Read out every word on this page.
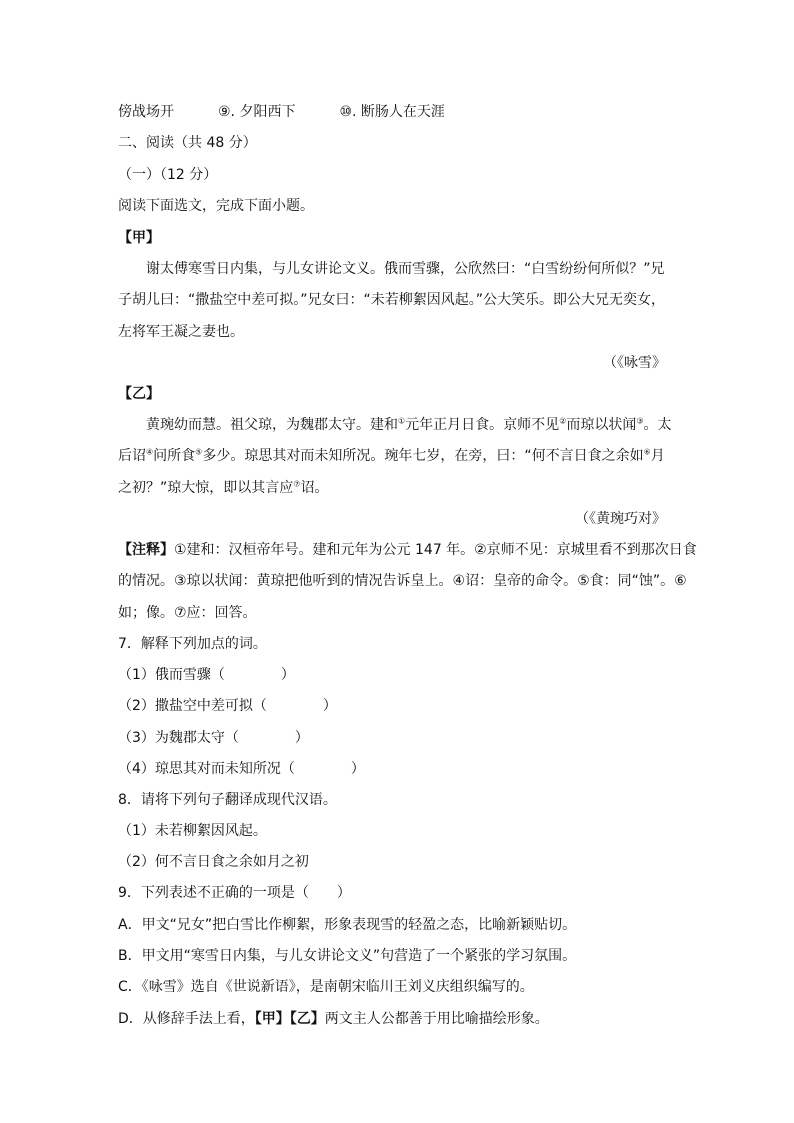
傍战场开	⑨. 夕阳西下	⑩. 断肠人在天涯
二、阅读（共 48 分）
（一）（12 分）
阅读下面选文，完成下面小题。
【甲】
谢太傅寒雪日内集，与儿女讲论文义。俄而雪骤，公欣然曰：“白雪纷纷何所似？”兄
子胡儿曰：“撒盐空中差可拟。”兄女曰：“未若柳絮因风起。”公大笑乐。即公大兄无奕女，
左将军王凝之妻也。
（《咏雪》
【乙】
黄琬幼而慧。祖父琼，为魏郡太守。建和①元年正月日食。京师不见②而琼以状闻③。太
后诏④问所食⑤多少。琼思其对而未知所况。琬年七岁，在旁，曰：“何不言日食之余如⑥月
之初？”琼大惊，即以其言应⑦诏。
（《黄琬巧对》
【注释】①建和：汉桓帝年号。建和元年为公元 147 年。②京师不见：京城里看不到那次日食
的情况。③琼以状闻：黄琼把他听到的情况告诉皇上。④诏：皇帝的命令。⑤食：同“蚀”。⑥
如；像。⑦应：回答。
7．解释下列加点的词。
（1）俄而雪骤（　　　　）
（2）撒盐空中差可拟（　　　　）
（3）为魏郡太守（　　　　）
（4）琼思其对而未知所况（　　　　）
8．请将下列句子翻译成现代汉语。
（1）未若柳絮因风起。
（2）何不言日食之余如月之初
9．下列表述不正确的一项是（　　）
A．甲文“兄女”把白雪比作柳絮，形象表现雪的轻盈之态，比喻新颖贴切。
B．甲文用“寒雪日内集，与儿女讲论文义”句营造了一个紧张的学习氛围。
C．《咏雪》选自《世说新语》，是南朝宋临川王刘义庆组织编写的。
D．从修辞手法上看，【甲】【乙】两文主人公都善于用比喻描绘形象。
